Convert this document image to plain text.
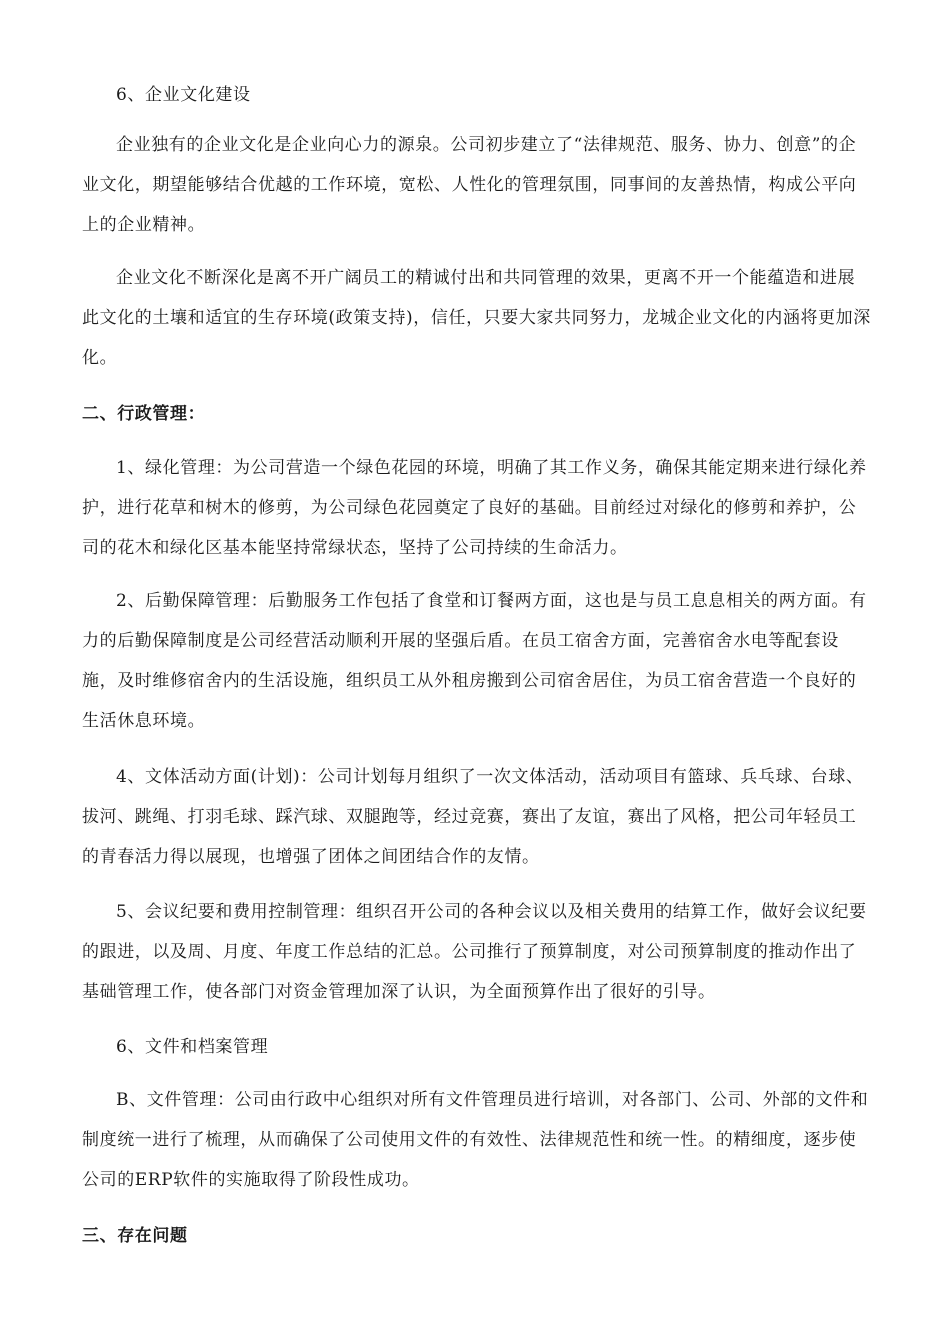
6、企业文化建设

企业独有的企业文化是企业向心力的源泉。公司初步建立了“法律规范、服务、协力、创意”的企业文化，期望能够结合优越的工作环境，宽松、人性化的管理氛围，同事间的友善热情，构成公平向上的企业精神。

企业文化不断深化是离不开广阔员工的精诚付出和共同管理的效果，更离不开一个能蕴造和进展此文化的土壤和适宜的生存环境(政策支持)，信任，只要大家共同努力，龙城企业文化的内涵将更加深化。

二、行政管理：

1、绿化管理：为公司营造一个绿色花园的环境，明确了其工作义务，确保其能定期来进行绿化养护，进行花草和树木的修剪，为公司绿色花园奠定了良好的基础。目前经过对绿化的修剪和养护，公司的花木和绿化区基本能坚持常绿状态，坚持了公司持续的生命活力。

2、后勤保障管理：后勤服务工作包括了食堂和订餐两方面，这也是与员工息息相关的两方面。有力的后勤保障制度是公司经营活动顺利开展的坚强后盾。在员工宿舍方面，完善宿舍水电等配套设施，及时维修宿舍内的生活设施，组织员工从外租房搬到公司宿舍居住，为员工宿舍营造一个良好的生活休息环境。

4、文体活动方面(计划)：公司计划每月组织了一次文体活动，活动项目有篮球、兵乓球、台球、拔河、跳绳、打羽毛球、踩汽球、双腿跑等，经过竞赛，赛出了友谊，赛出了风格，把公司年轻员工的青春活力得以展现，也增强了团体之间团结合作的友情。

5、会议纪要和费用控制管理：组织召开公司的各种会议以及相关费用的结算工作，做好会议纪要的跟进，以及周、月度、年度工作总结的汇总。公司推行了预算制度，对公司预算制度的推动作出了基础管理工作，使各部门对资金管理加深了认识，为全面预算作出了很好的引导。

6、文件和档案管理

B、文件管理：公司由行政中心组织对所有文件管理员进行培训，对各部门、公司、外部的文件和制度统一进行了梳理，从而确保了公司使用文件的有效性、法律规范性和统一性。的精细度，逐步使公司的ERP软件的实施取得了阶段性成功。

三、存在问题
